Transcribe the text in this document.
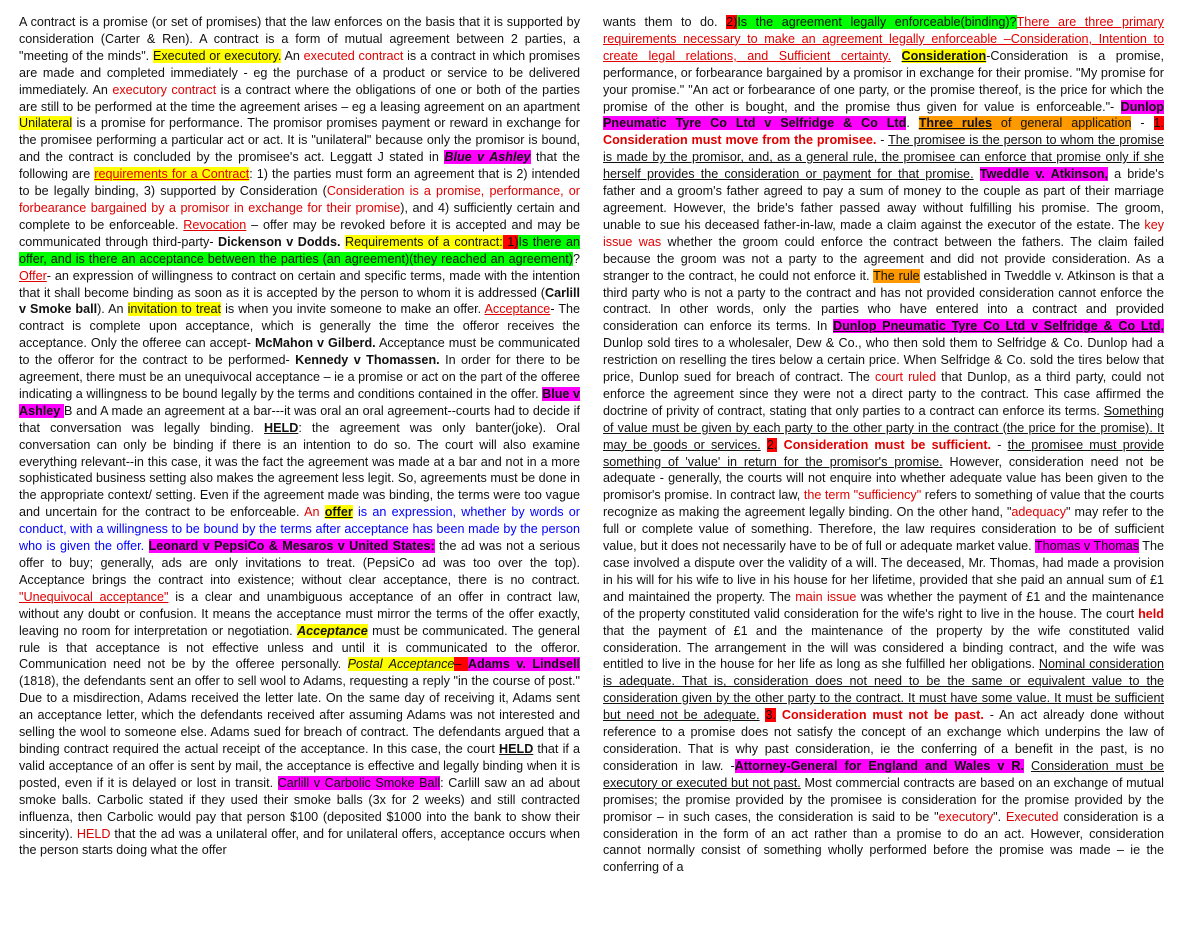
A contract is a promise (or set of promises) that the law enforces on the basis that it is supported by consideration (Carter & Ren). A contract is a form of mutual agreement between 2 parties, a "meeting of the minds". Executed or executory. An executed contract is a contract in which promises are made and completed immediately - eg the purchase of a product or service to be delivered immediately. An executory contract is a contract where the obligations of one or both of the parties are still to be performed at the time the agreement arises – eg a leasing agreement on an apartment Unilateral is a promise for performance. The promisor promises payment or reward in exchange for the promisee performing a particular act or act. It is "unilateral" because only the promisor is bound, and the contract is concluded by the promisee's act. Leggatt J stated in Blue v Ashley that the following are requirements for a Contract: 1) the parties must form an agreement that is 2) intended to be legally binding, 3) supported by Consideration (Consideration is a promise, performance, or forbearance bargained by a promisor in exchange for their promise), and 4) sufficiently certain and complete to be enforceable. Revocation – offer may be revoked before it is accepted and may be communicated through third-party- Dickenson v Dodds. Requirements of a contract: 1)Is there an offer, and is there an acceptance between the parties (an agreement)(they reached an agreement)? Offer- an expression of willingness to contract on certain and specific terms, made with the intention that it shall become binding as soon as it is accepted by the person to whom it is addressed (Carlill v Smoke ball). An invitation to treat is when you invite someone to make an offer. Acceptance- The contract is complete upon acceptance, which is generally the time the offeror receives the acceptance. Only the offeree can accept- McMahon v Gilberd. Acceptance must be communicated to the offeror for the contract to be performed- Kennedy v Thomassen. In order for there to be agreement, there must be an unequivocal acceptance – ie a promise or act on the part of the offeree indicating a willingness to be bound legally by the terms and conditions contained in the offer. Blue v Ashley B and A made an agreement at a bar---it was oral an oral agreement--courts had to decide if that conversation was legally binding. HELD: the agreement was only banter(joke). Oral conversation can only be binding if there is an intention to do so. The court will also examine everything relevant--in this case, it was the fact the agreement was made at a bar and not in a more sophisticated business setting also makes the agreement less legit. So, agreements must be done in the appropriate context/ setting. Even if the agreement made was binding, the terms were too vague and uncertain for the contract to be enforceable. An offer is an expression, whether by words or conduct, with a willingness to be bound by the terms after acceptance has been made by the person who is given the offer. Leonard v PepsiCo & Mesaros v United States: the ad was not a serious offer to buy; generally, ads are only invitations to treat. (PepsiCo ad was too over the top). Acceptance brings the contract into existence; without clear acceptance, there is no contract. "Unequivocal acceptance" is a clear and unambiguous acceptance of an offer in contract law, without any doubt or confusion. It means the acceptance must mirror the terms of the offer exactly, leaving no room for interpretation or negotiation. Acceptance must be communicated. The general rule is that acceptance is not effective unless and until it is communicated to the offeror. Communication need not be by the offeree personally. Postal Acceptance– Adams v. Lindsell (1818), the defendants sent an offer to sell wool to Adams, requesting a reply "in the course of post." Due to a misdirection, Adams received the letter late. On the same day of receiving it, Adams sent an acceptance letter, which the defendants received after assuming Adams was not interested and selling the wool to someone else. Adams sued for breach of contract. The defendants argued that a binding contract required the actual receipt of the acceptance. In this case, the court HELD that if a valid acceptance of an offer is sent by mail, the acceptance is effective and legally binding when it is posted, even if it is delayed or lost in transit. Carlill v Carbolic Smoke Ball: Carlill saw an ad about smoke balls. Carbolic stated if they used their smoke balls (3x for 2 weeks) and still contracted influenza, then Carbolic would pay that person $100 (deposited $1000 into the bank to show their sincerity). HELD that the ad was a unilateral offer, and for unilateral offers, acceptance occurs when the person starts doing what the offer
wants them to do. 2)Is the agreement legally enforceable(binding)?There are three primary requirements necessary to make an agreement legally enforceable –Consideration, Intention to create legal relations, and Sufficient certainty. Consideration-Consideration is a promise, performance, or forbearance bargained by a promisor in exchange for their promise. "My promise for your promise." "An act or forbearance of one party, or the promise thereof, is the price for which the promise of the other is bought, and the promise thus given for value is enforceable."- Dunlop Pneumatic Tyre Co Ltd v Selfridge & Co Ltd. Three rules of general application - 1. Consideration must move from the promisee. - The promisee is the person to whom the promise is made by the promisor, and, as a general rule, the promisee can enforce that promise only if she herself provides the consideration or payment for that promise. Tweddle v. Atkinson, a bride's father and a groom's father agreed to pay a sum of money to the couple as part of their marriage agreement. However, the bride's father passed away without fulfilling his promise. The groom, unable to sue his deceased father-in-law, made a claim against the executor of the estate. The key issue was whether the groom could enforce the contract between the fathers. The claim failed because the groom was not a party to the agreement and did not provide consideration. As a stranger to the contract, he could not enforce it. The rule established in Tweddle v. Atkinson is that a third party who is not a party to the contract and has not provided consideration cannot enforce the contract. In other words, only the parties who have entered into a contract and provided consideration can enforce its terms. In Dunlop Pneumatic Tyre Co Ltd v Selfridge & Co Ltd, Dunlop sold tires to a wholesaler, Dew & Co., who then sold them to Selfridge & Co. Dunlop had a restriction on reselling the tires below a certain price. When Selfridge & Co. sold the tires below that price, Dunlop sued for breach of contract. The court ruled that Dunlop, as a third party, could not enforce the agreement since they were not a direct party to the contract. This case affirmed the doctrine of privity of contract, stating that only parties to a contract can enforce its terms. Something of value must be given by each party to the other party in the contract (the price for the promise). It may be goods or services. 2. Consideration must be sufficient. - the promisee must provide something of 'value' in return for the promisor's promise. However, consideration need not be adequate - generally, the courts will not enquire into whether adequate value has been given to the promisor's promise. In contract law, the term "sufficiency" refers to something of value that the courts recognize as making the agreement legally binding. On the other hand, "adequacy" may refer to the full or complete value of something. Therefore, the law requires consideration to be of sufficient value, but it does not necessarily have to be of full or adequate market value. Thomas v Thomas The case involved a dispute over the validity of a will. The deceased, Mr. Thomas, had made a provision in his will for his wife to live in his house for her lifetime, provided that she paid an annual sum of £1 and maintained the property. The main issue was whether the payment of £1 and the maintenance of the property constituted valid consideration for the wife's right to live in the house. The court held that the payment of £1 and the maintenance of the property by the wife constituted valid consideration. The arrangement in the will was considered a binding contract, and the wife was entitled to live in the house for her life as long as she fulfilled her obligations. Nominal consideration is adequate. That is, consideration does not need to be the same or equivalent value to the consideration given by the other party to the contract. It must have some value. It must be sufficient but need not be adequate. 3. Consideration must not be past. - An act already done without reference to a promise does not satisfy the concept of an exchange which underpins the law of consideration. That is why past consideration, ie the conferring of a benefit in the past, is no consideration in law. -Attorney-General for England and Wales v R. Consideration must be executory or executed but not past. Most commercial contracts are based on an exchange of mutual promises; the promise provided by the promisee is consideration for the promise provided by the promisor – in such cases, the consideration is said to be "executory". Executed consideration is a consideration in the form of an act rather than a promise to do an act. However, consideration cannot normally consist of something wholly performed before the promise was made – ie the conferring of a
